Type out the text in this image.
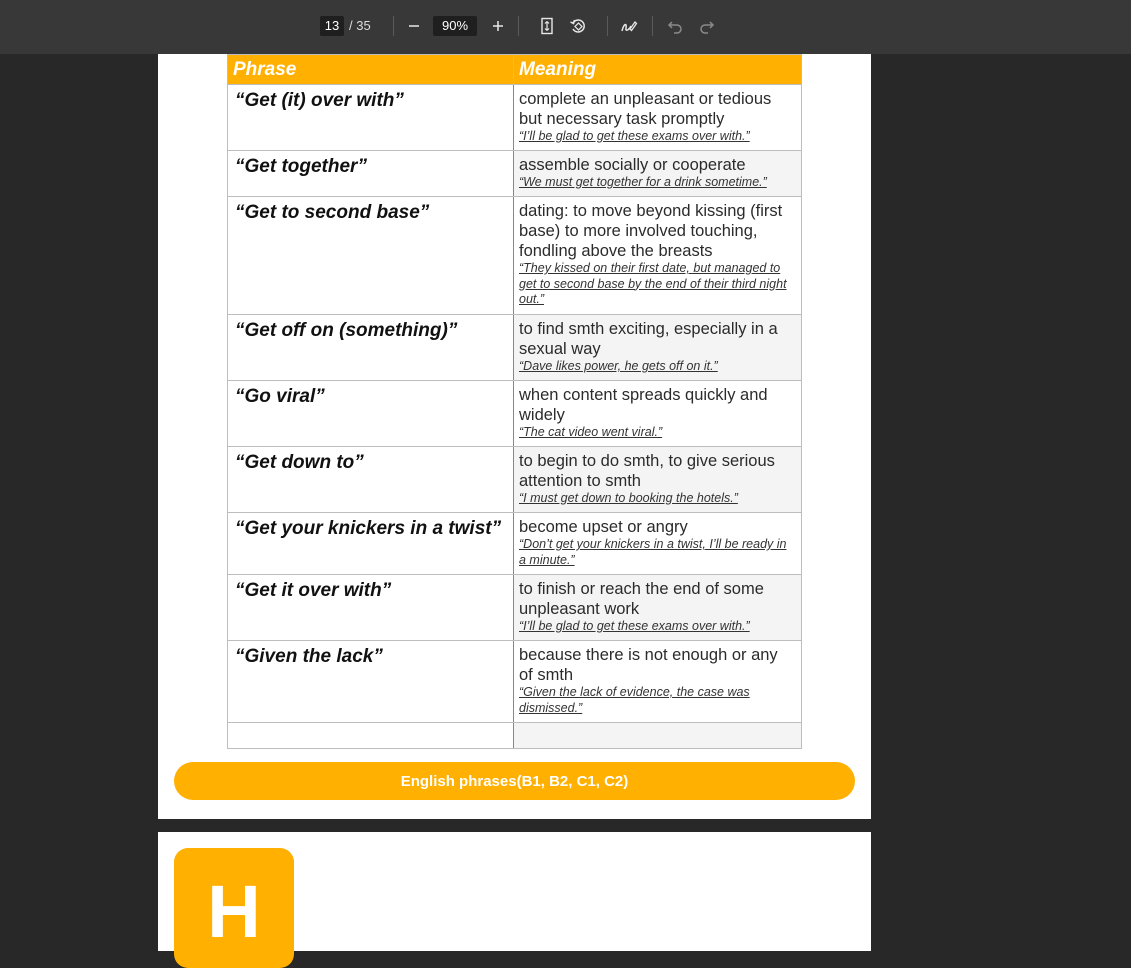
13 / 35	90%
English phrases(B1, B2, C1, C2)
Phrase	Meaning
“Get (it) over with”	complete an unpleasant or tedious but necessary task promptly
“I’ll be glad to get these exams over with.”

“Get together”	assemble socially or cooperate
“We must get together for a drink sometime.”

“Get to second base”	dating: to move beyond kissing (first base) to more involved touching, fondling above the breasts
“They kissed on their first date, but managed to get to second base by the end of their third night out.”

“Get off on (something)”	to find smth exciting, especially in a sexual way
“Dave likes power, he gets off on it.”

“Go viral”	when content spreads quickly and widely
“The cat video went viral.”

“Get down to”	to begin to do smth, to give serious attention to smth
“I must get down to booking the hotels.”

“Get your knickers in a twist”	become upset or angry
“Don’t get your knickers in a twist, I’ll be ready in a minute.”

“Get it over with”	to finish or reach the end of some unpleasant work
“I’ll be glad to get these exams over with.”

“Given the lack”	because there is not enough or any of smth
“Given the lack of evidence, the case was dismissed.”

H
